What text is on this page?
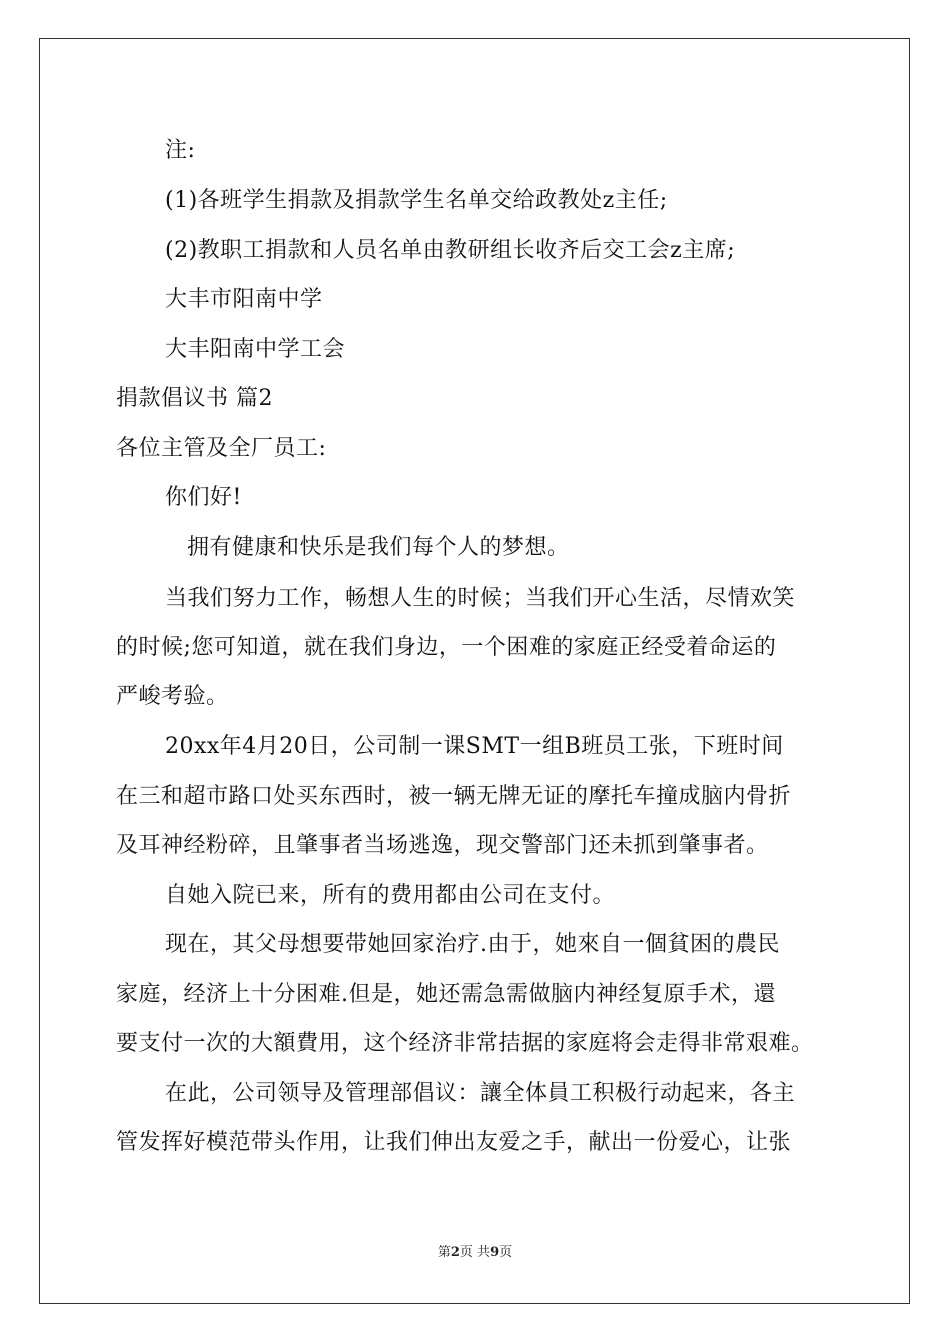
注:
(1)各班学生捐款及捐款学生名单交给政教处z主任;
(2)教职工捐款和人员名单由教研组长收齐后交工会z主席;
大丰市阳南中学
大丰阳南中学工会
捐款倡议书 篇2
各位主管及全厂员工:
你们好!
拥有健康和快乐是我们每个人的梦想。
当我们努力工作，畅想人生的时候；当我们开心生活，尽情欢笑
的时候;您可知道，就在我们身边，一个困难的家庭正经受着命运的
严峻考验。
20xx年4月20日，公司制一课SMT一组B班员工张，下班时间
在三和超市路口处买东西时，被一辆无牌无证的摩托车撞成脑内骨折
及耳神经粉碎，且肇事者当场逃逸，现交警部门还未抓到肇事者。
自她入院已来，所有的费用都由公司在支付。
现在，其父母想要带她回家治疗.由于，她來自一個貧困的農民
家庭，经济上十分困难.但是，她还需急需做脑内神经复原手术，還
要支付一次的大額費用，这个经济非常拮据的家庭将会走得非常艰难。
在此，公司领导及管理部倡议：讓全体員工积极行动起来，各主
管发挥好模范带头作用，让我们伸出友爱之手，献出一份爱心，让张
第2页 共9页
